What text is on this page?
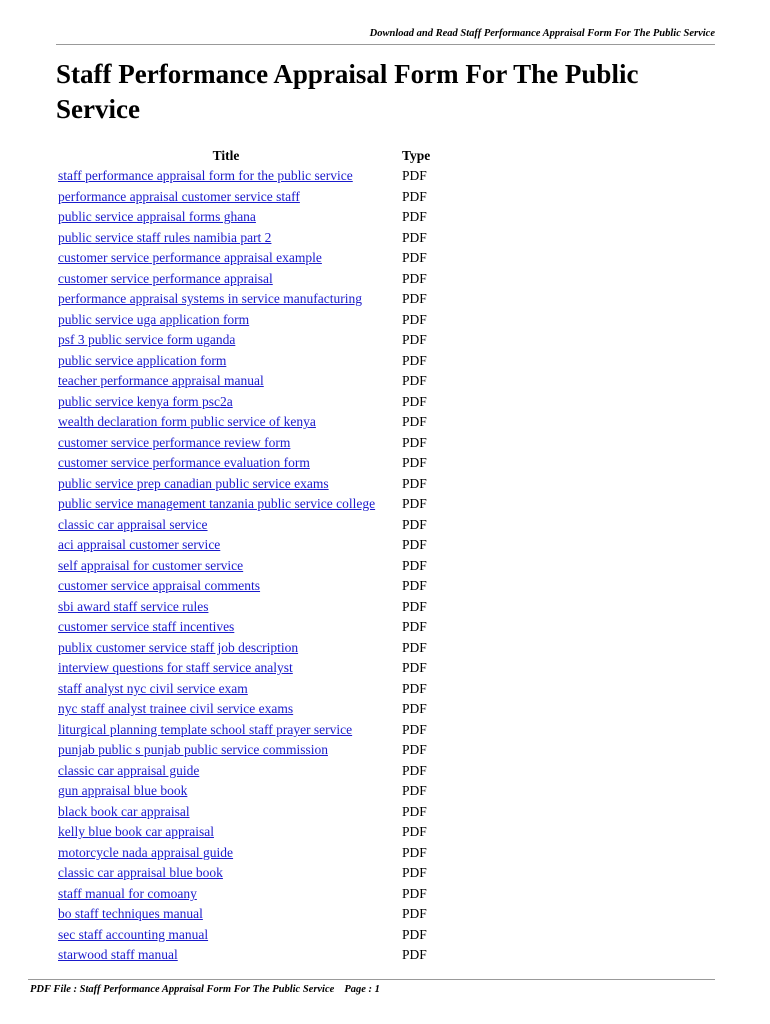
Download and Read Staff Performance Appraisal Form For The Public Service
Staff Performance Appraisal Form For The Public Service
Title	Type
staff performance appraisal form for the public service	PDF
performance appraisal customer service staff	PDF
public service appraisal forms ghana	PDF
public service staff rules namibia part 2	PDF
customer service performance appraisal example	PDF
customer service performance appraisal	PDF
performance appraisal systems in service manufacturing	PDF
public service uga application form	PDF
psf 3 public service form uganda	PDF
public service application form	PDF
teacher performance appraisal manual	PDF
public service kenya form psc2a	PDF
wealth declaration form public service of kenya	PDF
customer service performance review form	PDF
customer service performance evaluation form	PDF
public service prep canadian public service exams	PDF
public service management tanzania public service college	PDF
classic car appraisal service	PDF
aci appraisal customer service	PDF
self appraisal for customer service	PDF
customer service appraisal comments	PDF
sbi award staff service rules	PDF
customer service staff incentives	PDF
publix customer service staff job description	PDF
interview questions for staff service analyst	PDF
staff analyst nyc civil service exam	PDF
nyc staff analyst trainee civil service exams	PDF
liturgical planning template school staff prayer service	PDF
punjab public s punjab public service commission	PDF
classic car appraisal guide	PDF
gun appraisal blue book	PDF
black book car appraisal	PDF
kelly blue book car appraisal	PDF
motorcycle nada appraisal guide	PDF
classic car appraisal blue book	PDF
staff manual for comoany	PDF
bo staff techniques manual	PDF
sec staff accounting manual	PDF
starwood staff manual	PDF
PDF File : Staff Performance Appraisal Form For The Public Service Page : 1
